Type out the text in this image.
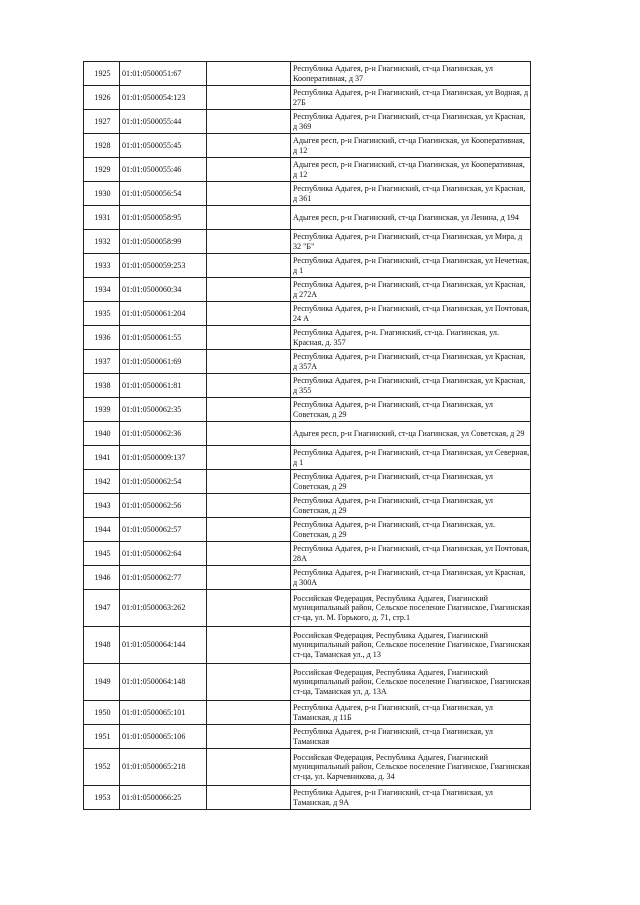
1925	01:01:0500051:67		Республика Адыгея, р-н Гиагинский, ст-ца Гиагинская, ул Кооперативная, д 37
1926	01:01:0500054:123		Республика Адыгея, р-н Гиагинский, ст-ца Гиагинская, ул Водная, д 27Б
1927	01:01:0500055:44		Республика Адыгея, р-н Гиагинский, ст-ца Гиагинская, ул Красная, д 369
1928	01:01:0500055:45		Адыгея респ, р-н Гиагинский, ст-ца Гиагинская, ул Кооперативная, д 12
1929	01:01:0500055:46		Адыгея респ, р-н Гиагинский, ст-ца Гиагинская, ул Кооперативная, д 12
1930	01:01:0500056:54		Республика Адыгея, р-н Гиагинский, ст-ца Гиагинская, ул Красная, д 361
1931	01:01:0500058:95		Адыгея респ, р-н Гиагинский, ст-ца Гиагинская, ул Ленина, д 194
1932	01:01:0500058:99		Республика Адыгея, р-н Гиагинский, ст-ца Гиагинская, ул Мира, д 32 "Б"
1933	01:01:0500059:253		Республика Адыгея, р-н Гиагинский, ст-ца Гиагинская, ул Нечетная, д 1
1934	01:01:0500060:34		Республика Адыгея, р-н Гиагинский, ст-ца Гиагинская, ул Красная, д 272А
1935	01:01:0500061:204		Республика Адыгея, р-н Гиагинский, ст-ца Гиагинская, ул Почтовая, 24 А
1936	01:01:0500061:55		Республика Адыгея, р-н. Гиагинский, ст-ца. Гиагинская, ул. Красная, д. 357
1937	01:01:0500061:69		Республика Адыгея, р-н Гиагинский, ст-ца Гиагинская, ул Красная, д 357А
1938	01:01:0500061:81		Республика Адыгея, р-н Гиагинский, ст-ца Гиагинская, ул Красная, д 355
1939	01:01:0500062:35		Республика Адыгея, р-н Гиагинский, ст-ца Гиагинская, ул Советская, д 29
1940	01:01:0500062:36		Адыгея респ, р-н Гиагинский, ст-ца Гиагинская, ул Советская, д 29
1941	01:01:0500009:137		Республика Адыгея, р-н Гиагинский, ст-ца Гиагинская, ул Северная, д 1
1942	01:01:0500062:54		Республика Адыгея, р-н Гиагинский, ст-ца Гиагинская, ул Советская, д 29
1943	01:01:0500062:56		Республика Адыгея, р-н Гиагинский, ст-ца Гиагинская, ул Советская, д 29
1944	01:01:0500062:57		Республика Адыгея, р-н Гиагинский, ст-ца Гиагинская, ул. Советская, д 29
1945	01:01:0500062:64		Республика Адыгея, р-н Гиагинский, ст-ца Гиагинская, ул Почтовая, 28А
1946	01:01:0500062:77		Республика Адыгея, р-н Гиагинский, ст-ца Гиагинская, ул Красная, д 300А
1947	01:01:0500063:262		Российская Федерация, Республика Адыгея, Гиагинский муниципальный район, Сельское поселение Гиагинское, Гиагинская ст-ца, ул. М. Горького, д. 71, стр.1
1948	01:01:0500064:144		Российская Федерация, Республика Адыгея, Гиагинский муниципальный район, Сельское поселение Гиагинское, Гиагинская ст-ца, Таманская ул., д 13
1949	01:01:0500064:148		Российская Федерация, Республика Адыгея, Гиагинский муниципальный район, Сельское поселение Гиагинское, Гиагинская ст-ца, Таманская ул, д. 13А
1950	01:01:0500065:101		Республика Адыгея, р-н Гиагинский, ст-ца Гиагинская, ул Таманская, д 11Б
1951	01:01:0500065:106		Республика Адыгея, р-н Гиагинский, ст-ца Гиагинская, ул Таманская
1952	01:01:0500065:218		Российская Федерация, Республика Адыгея, Гиагинский муниципальный район, Сельское поселение Гиагинское, Гиагинская ст-ца, ул. Карчевникова, д. 34
1953	01:01:0500066:25		Республика Адыгея, р-н Гиагинский, ст-ца Гиагинская, ул Таманская, д 9А
